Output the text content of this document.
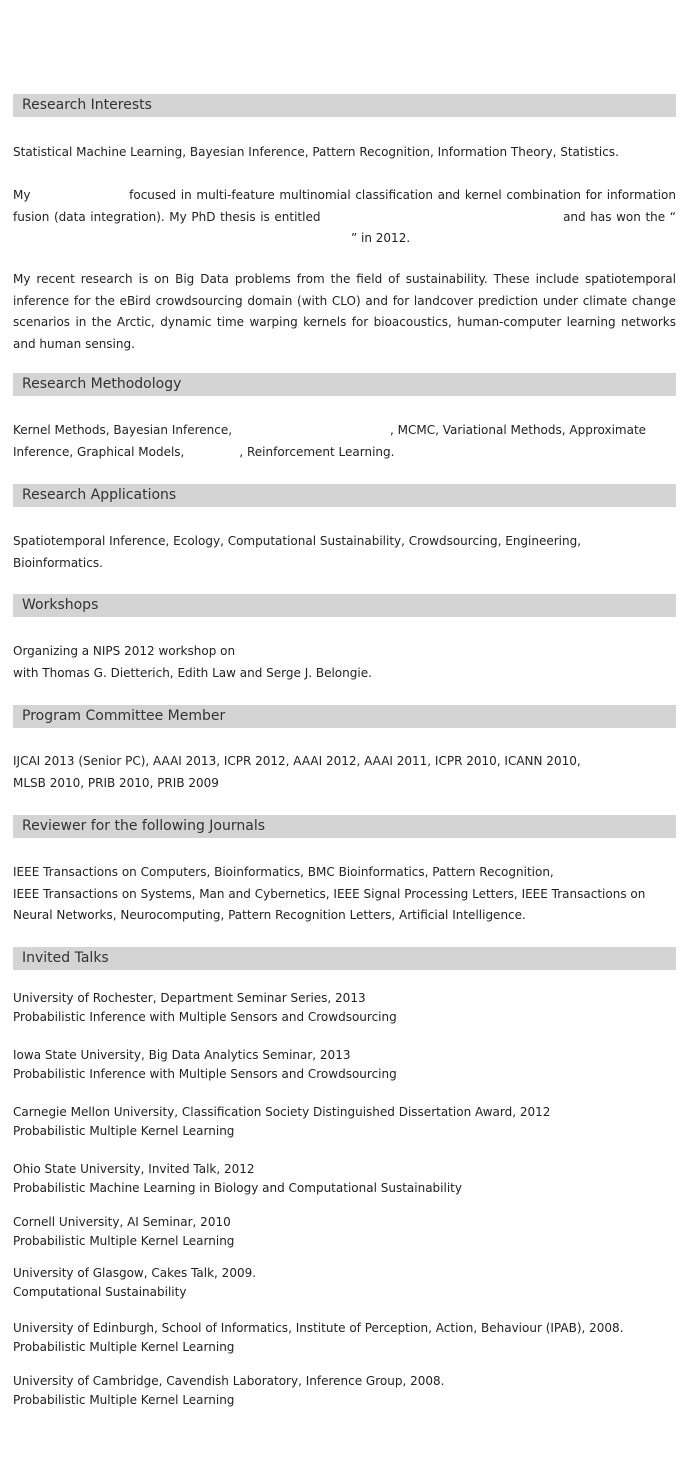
Research Interests
Statistical Machine Learning, Bayesian Inference, Pattern Recognition, Information Theory, Statistics.
My	focused in multi-feature multinomial classification and kernel combination for information fusion (data integration). My PhD thesis is entitled	and has won the “” in 2012.
My recent research is on Big Data problems from the field of sustainability. These include spatiotemporal inference for the eBird crowdsourcing domain (with CLO) and for landcover prediction under climate change scenarios in the Arctic, dynamic time warping kernels for bioacoustics, human-computer learning networks and human sensing.
Research Methodology
Kernel Methods, Bayesian Inference,	, MCMC, Variational Methods, Approximate
Inference, Graphical Models,	, Reinforcement Learning.
Research Applications
Spatiotemporal Inference, Ecology, Computational Sustainability, Crowdsourcing, Engineering,
Bioinformatics.
Workshops
Organizing a NIPS 2012 workshop on
with Thomas G. Dietterich, Edith Law and Serge J. Belongie.
Program Committee Member
IJCAI 2013 (Senior PC), AAAI 2013, ICPR 2012, AAAI 2012, AAAI 2011, ICPR 2010, ICANN 2010,
MLSB 2010, PRIB 2010, PRIB 2009
Reviewer for the following Journals
IEEE Transactions on Computers, Bioinformatics, BMC Bioinformatics, Pattern Recognition,
IEEE Transactions on Systems, Man and Cybernetics, IEEE Signal Processing Letters, IEEE Transactions on
Neural Networks, Neurocomputing, Pattern Recognition Letters, Artificial Intelligence.
Invited Talks
University of Rochester, Department Seminar Series, 2013
Probabilistic Inference with Multiple Sensors and Crowdsourcing
Iowa State University, Big Data Analytics Seminar, 2013
Probabilistic Inference with Multiple Sensors and Crowdsourcing
Carnegie Mellon University, Classification Society Distinguished Dissertation Award, 2012
Probabilistic Multiple Kernel Learning
Ohio State University, Invited Talk, 2012
Probabilistic Machine Learning in Biology and Computational Sustainability
Cornell University, AI Seminar, 2010
Probabilistic Multiple Kernel Learning
University of Glasgow, Cakes Talk, 2009.
Computational Sustainability
University of Edinburgh, School of Informatics, Institute of Perception, Action, Behaviour (IPAB), 2008.
Probabilistic Multiple Kernel Learning
University of Cambridge, Cavendish Laboratory, Inference Group, 2008.
Probabilistic Multiple Kernel Learning
